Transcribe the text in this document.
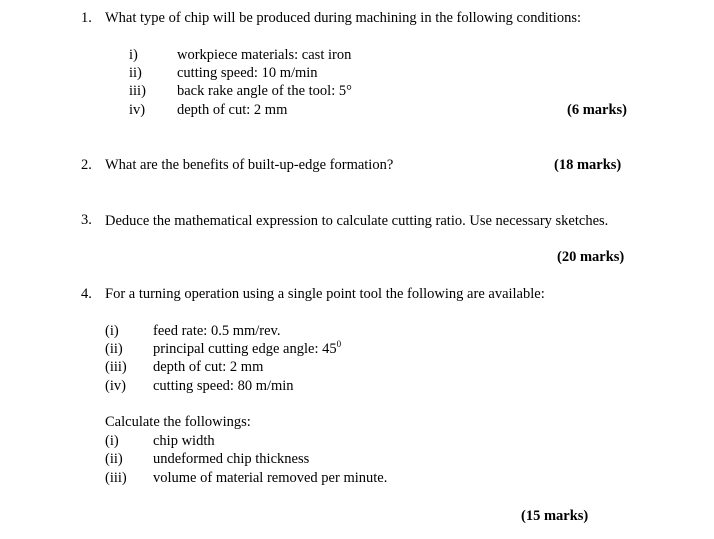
1. What type of chip will be produced during machining in the following conditions:
i)	workpiece materials: cast iron
ii) cutting speed: 10 m/min
iii) back rake angle of the tool: 5°
iv) depth of cut: 2 mm	(6 marks)
2. What are the benefits of built-up-edge formation?	(18 marks)
3. Deduce the mathematical expression to calculate cutting ratio. Use necessary sketches.
(20 marks)
4. For a turning operation using a single point tool the following are available:
(i) feed rate: 0.5 mm/rev.
(ii) principal cutting edge angle: $45^0$
(iii) depth of cut: 2 mm
(iv) cutting speed: 80 m/min
Calculate the followings:
(i) chip width
(ii) undeformed chip thickness
(iii) volume of material removed per minute.
(15 marks)
